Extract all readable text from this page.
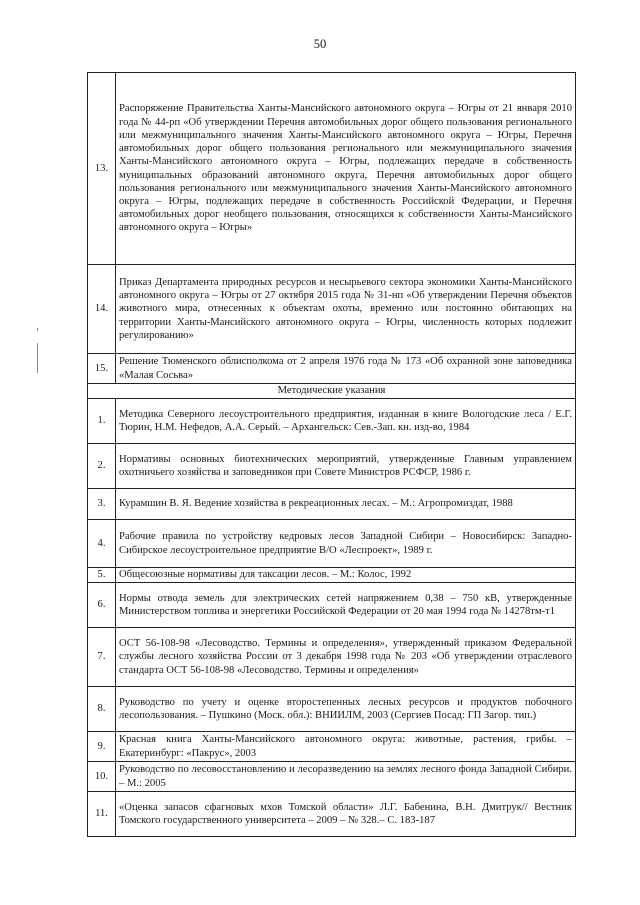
50
13.	Распоряжение Правительства Ханты-Мансийского автономного округа – Югры от 21 января 2010 года № 44-рп «Об утверждении Перечня автомобильных дорог общего пользования регионального или межмуниципального значения Ханты-Мансийского автономного округа – Югры, Перечня автомобильных дорог общего пользования регионального или межмуниципального значения Ханты-Мансийского автономного округа – Югры, подлежащих передаче в собственность муниципальных образований автономного округа, Перечня автомобильных дорог общего пользования регионального или межмуниципального значения Ханты-Мансийского автономного округа – Югры, подлежащих передаче в собственность Российской Федерации, и Перечня автомобильных дорог необщего пользования, относящихся к собственности Ханты-Мансийского автономного округа – Югры»
14.	Приказ Департамента природных ресурсов и несырьевого сектора экономики Ханты-Мансийского автономного округа – Югры от 27 октября 2015 года № 31-нп «Об утверждении Перечня объектов животного мира, отнесенных к объектам охоты, временно или постоянно обитающих на территории Ханты-Мансийского автономного округа – Югры, численность которых подлежит регулированию»
15.	Решение Тюменского облисполкома от 2 апреля 1976 года № 173 «Об охранной зоне заповедника «Малая Сосьва»
Методические указания	
1.	Методика Северного лесоустроительного предприятия, изданная в книге Вологодские леса / Е.Г. Тюрин, Н.М. Нефедов, А.А. Серый. – Архангельск: Сев.-Зап. кн. изд-во, 1984
2.	Нормативы основных биотехнических мероприятий, утвержденные Главным управлением охотничьего хозяйства и заповедников при Совете Министров РСФСР, 1986 г.
3.	Курамшин В. Я. Ведение хозяйства в рекреационных лесах. – М.: Агропромиздат, 1988
4.	Рабочие правила по устройству кедровых лесов Западной Сибири – Новосибирск: Западно-Сибирское лесоустроительное предприятие В/О «Леспроект», 1989 г.
5.	Общесоюзные нормативы для таксации лесов. – М.: Колос, 1992
6.	Нормы отвода земель для электрических сетей напряжением 0,38 – 750 кВ, утвержденные Министерством топлива и энергетики Российской Федерации от 20 мая 1994 года № 14278тм-т1
7.	ОСТ 56-108-98 «Лесоводство. Термины и определения», утвержденный приказом Федеральной службы лесного хозяйства России от 3 декабря 1998 года № 203 «Об утверждении отраслевого стандарта ОСТ 56-108-98 «Лесоводство. Термины и определения»
8.	Руководство по учету и оценке второстепенных лесных ресурсов и продуктов побочного лесопользования. – Пушкино (Моск. обл.): ВНИИЛМ, 2003 (Сергиев Посад: ГП Загор. тип.)
9.	Красная книга Ханты-Мансийского автономного округа: животные, растения, грибы. – Екатеринбург: «Пакрус», 2003
10.	Руководство по лесовосстановлению и лесоразведению на землях лесного фонда Западной Сибири. – М.: 2005
11.	«Оценка запасов сфагновых мхов Томской области» Л.Г. Бабенина, В.Н. Дмитрук// Вестник Томского государственного университета – 2009 – № 328.– С. 183-187
